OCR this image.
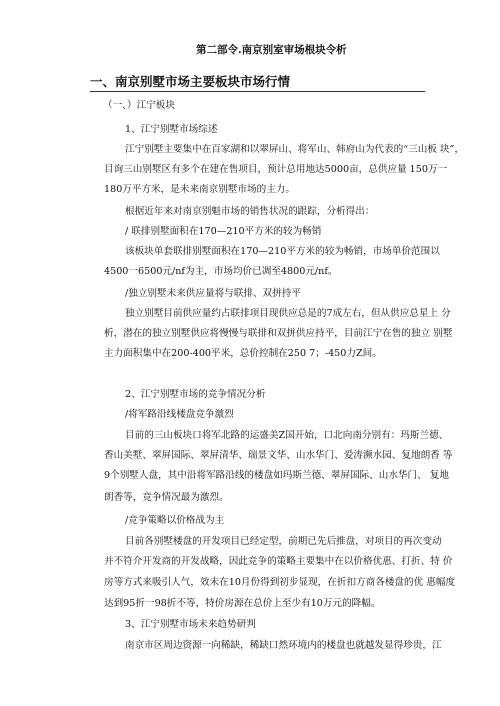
第二部令.南京别室审场根块令析
一、南京别墅市场主要板块市场行情
（一、）江宁板块
1、江宁别墅市场综述
江宁别墅主要集中在百家湖和以翠屏山、将军山、韩府山为代表的“三山板 块”，
目询三山别墅区有多个在建在售项目，预计总用地达5000亩，总供应量 150万一
180万平方米，是未来南京别墅市场的主力。
根据近年来对南京别魁市场的销售状况的跟踪，分析得出：
/ 联排别墅面积在170—210平方米的较为畅销
该板块单套联排别墅面积在170—210平方米的较为畅销，市场单价范围以
4500一6500元/nf为主，市场均价已凋至4800元/nf。
/独立别墅未来供应量将与联排、双拼持平
独立别墅目前供应量约占联排项目现供应总是的7成左右，但从供应总星上 分
析，潜在的独立别墅供应将慢慢与联排和双拼供应持平，目前江宁在售的独立 别墅
主力面积集中在200-400平米，总价控制在250 7；-450力Z间。
2、江宁别墅市场的竞争情况分析
/将军路沿线楼盘竞争激烈
目前的三山板块口将军北路的运盛美Z国开始，口北向南分别有：玛斯兰德、
香山美墅、翠屏国际、翠屏清华、瑞景文华、山水华门、爱涛濒水园、复地朗香 等
9个别墅人盘，其中沿将军路沿线的楼盘如玛斯兰德、翠屏国际、山水华门、 复地
朗香等，竞争情况最为激烈。
/竞争策略以价格战为主
目前各别墅楼盘的开发项目已经定型，前期已先后推盘，对项目的再次变动
并不符介开发商的开发战略，因此竞争的策略主要集中在以价格优惠、打折、特 价
房等方式来吸引人气，效未在10月份得到初步显现，在折扣方商各楼盘的优 惠幅度
达到95折一98折不等，特价房源在总价上至少有10万元的降幅。
3、江宁别墅市场未来趋势研判
南京市区周边资源一向稀缺，稀缺口然环境内的楼盘也就越发显得珍贵，江
